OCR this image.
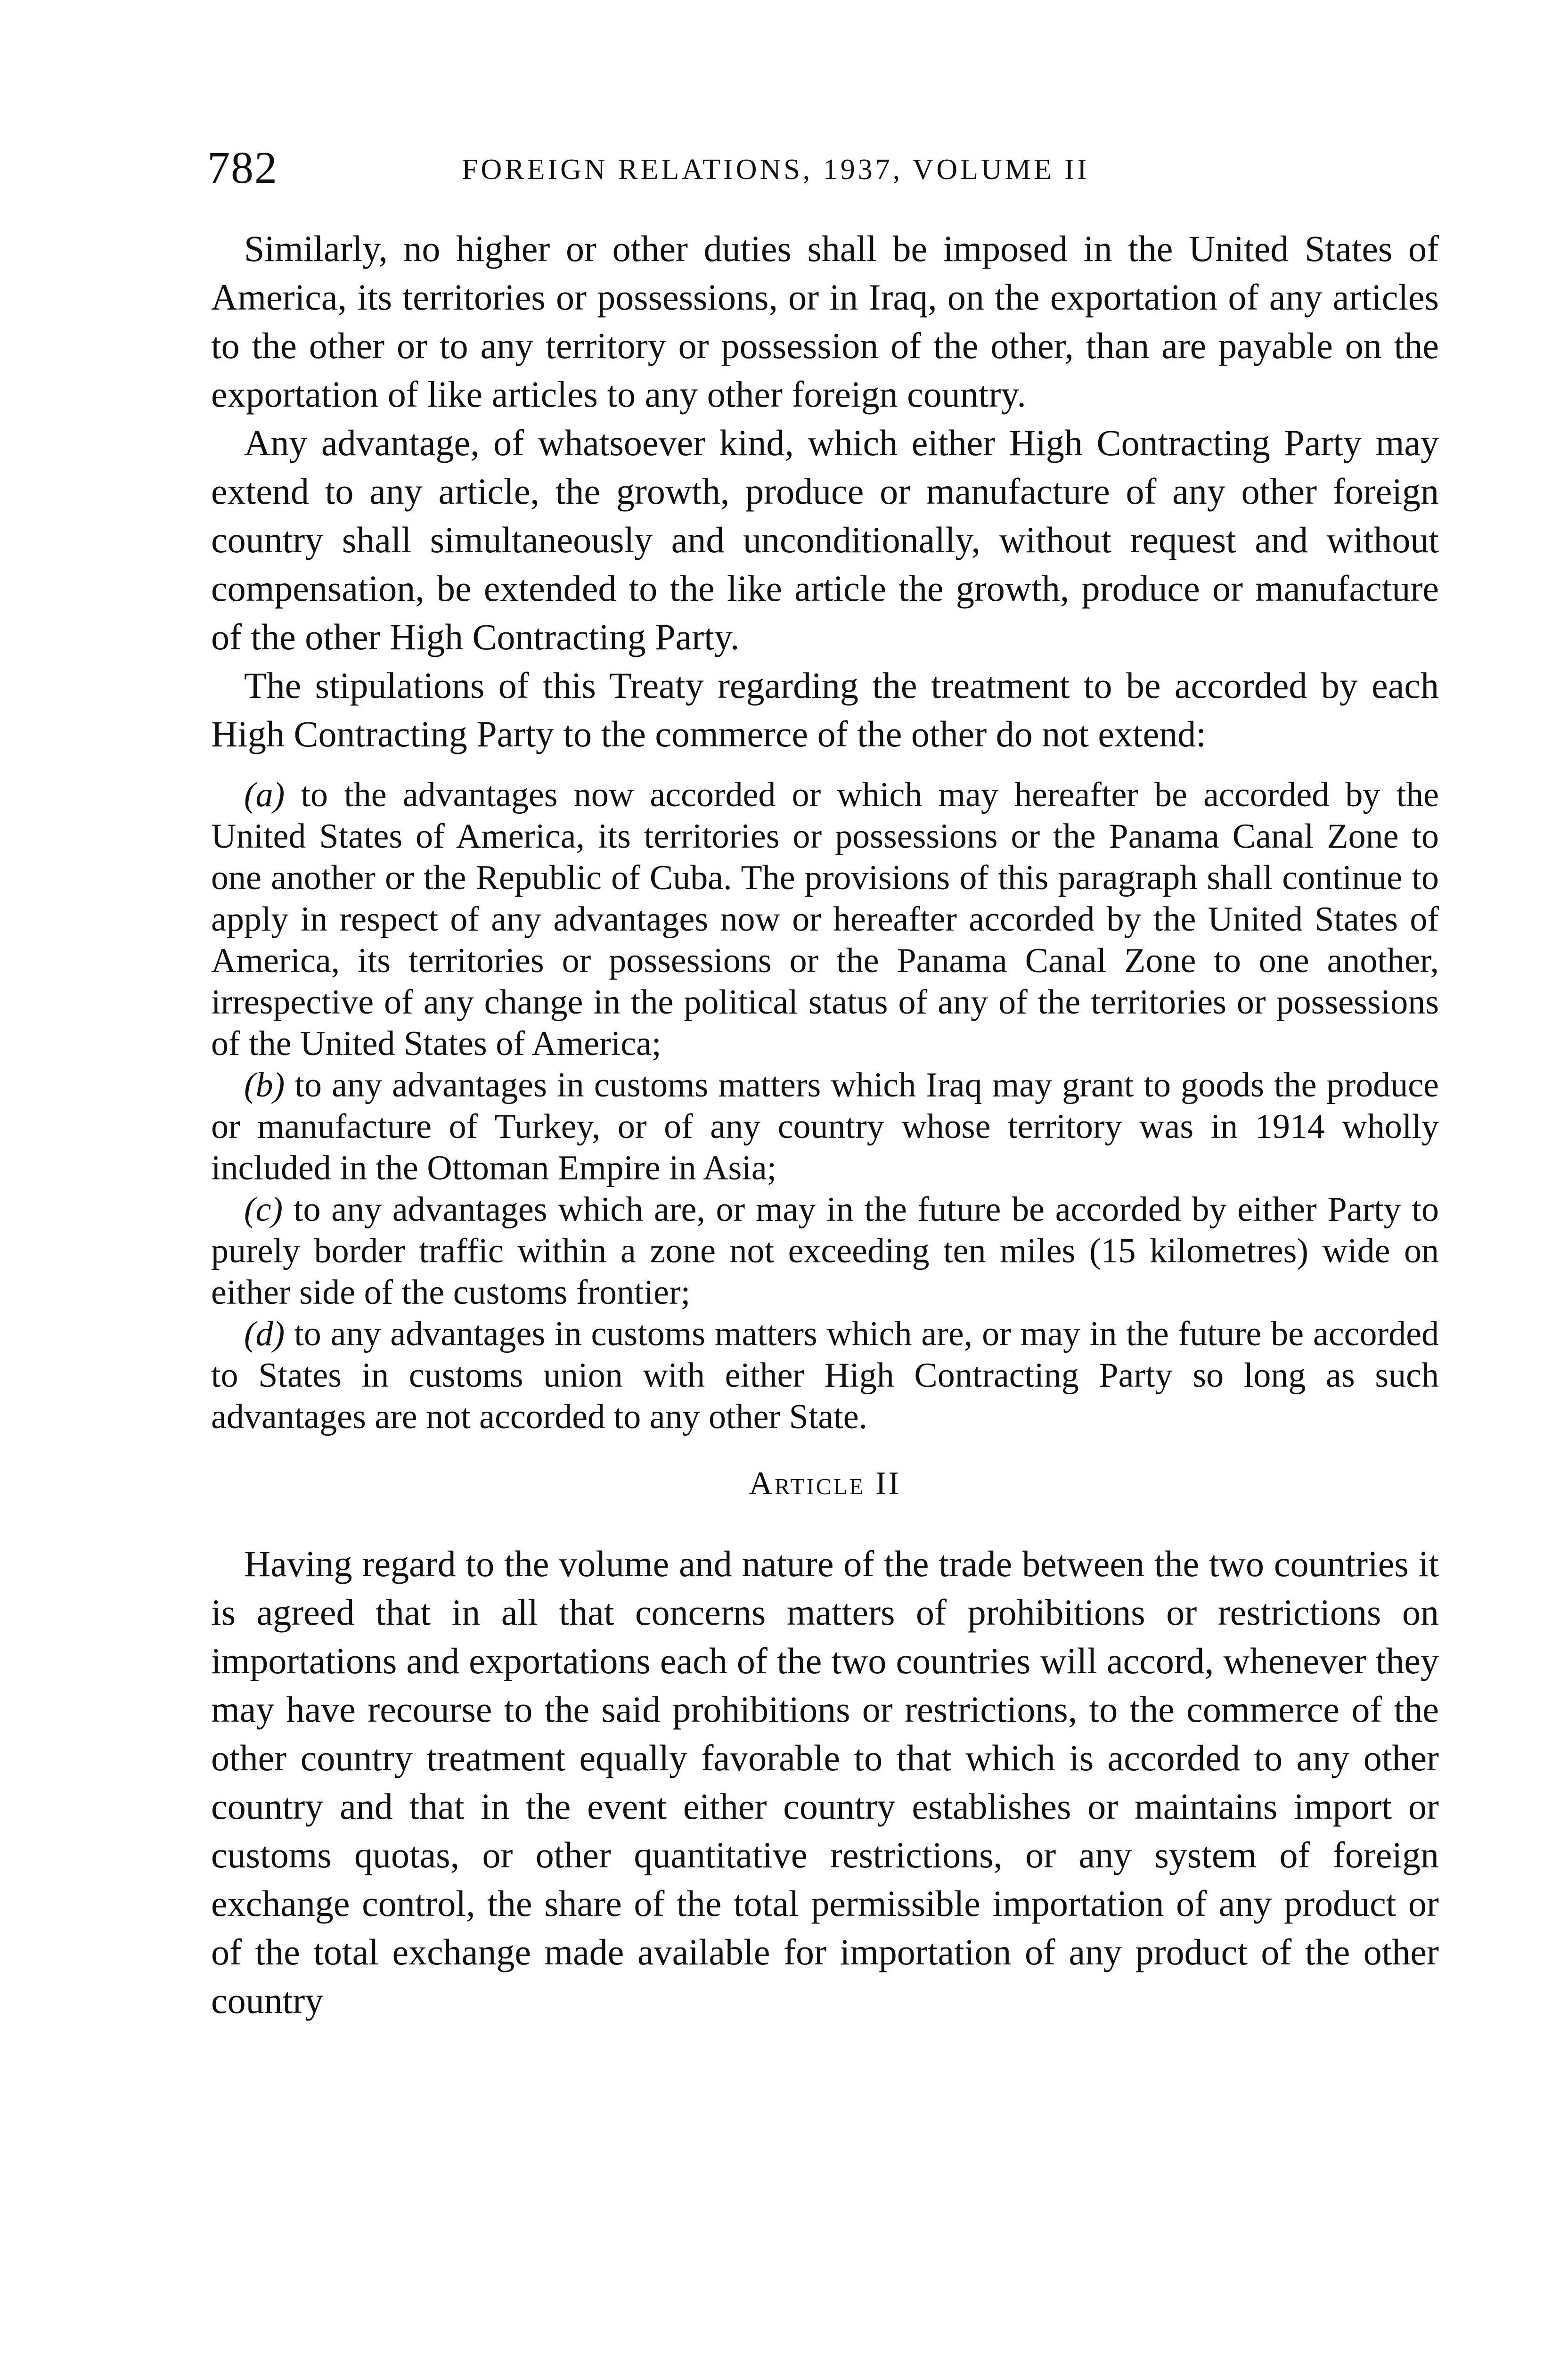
782	FOREIGN RELATIONS, 1937, VOLUME II

Similarly, no higher or other duties shall be imposed in the United States of America, its territories or possessions, or in Iraq, on the exportation of any articles to the other or to any territory or possession of the other, than are payable on the exportation of like articles to any other foreign country.

Any advantage, of whatsoever kind, which either High Contracting Party may extend to any article, the growth, produce or manufacture of any other foreign country shall simultaneously and unconditionally, without request and without compensation, be extended to the like article the growth, produce or manufacture of the other High Contracting Party.

The stipulations of this Treaty regarding the treatment to be accorded by each High Contracting Party to the commerce of the other do not extend:

(a) to the advantages now accorded or which may hereafter be accorded by the United States of America, its territories or possessions or the Panama Canal Zone to one another or the Republic of Cuba. The provisions of this paragraph shall continue to apply in respect of any advantages now or hereafter accorded by the United States of America, its territories or possessions or the Panama Canal Zone to one another, irrespective of any change in the political status of any of the territories or possessions of the United States of America;

(b) to any advantages in customs matters which Iraq may grant to goods the produce or manufacture of Turkey, or of any country whose territory was in 1914 wholly included in the Ottoman Empire in Asia;

(c) to any advantages which are, or may in the future be accorded by either Party to purely border traffic within a zone not exceeding ten miles (15 kilometres) wide on either side of the customs frontier;

(d) to any advantages in customs matters which are, or may in the future be accorded to States in customs union with either High Contracting Party so long as such advantages are not accorded to any other State.

Article II

Having regard to the volume and nature of the trade between the two countries it is agreed that in all that concerns matters of prohibitions or restrictions on importations and exportations each of the two countries will accord, whenever they may have recourse to the said prohibitions or restrictions, to the commerce of the other country treatment equally favorable to that which is accorded to any other country and that in the event either country establishes or maintains import or customs quotas, or other quantitative restrictions, or any system of foreign exchange control, the share of the total permissible importation of any product or of the total exchange made available for importation of any product of the other country
